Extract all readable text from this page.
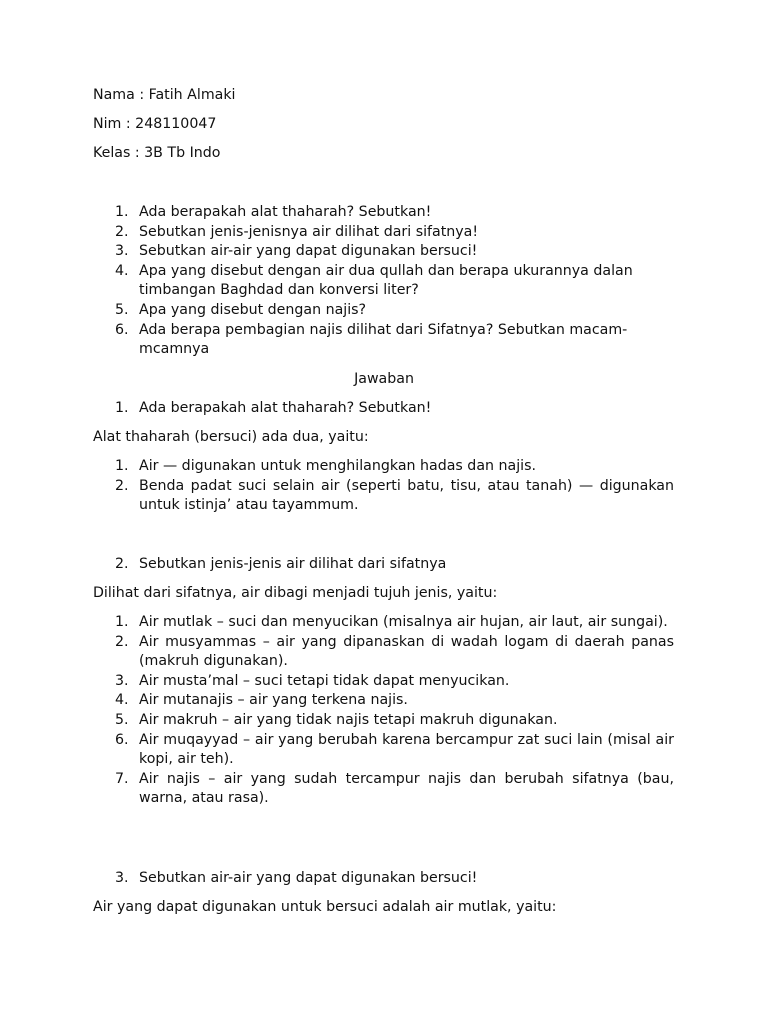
Nama : Fatih Almaki
Nim : 248110047
Kelas : 3B Tb Indo
1. Ada berapakah alat thaharah? Sebutkan!
2. Sebutkan jenis-jenisnya air dilihat dari sifatnya!
3. Sebutkan air-air yang dapat digunakan bersuci!
4. Apa yang disebut dengan air dua qullah dan berapa ukurannya dalan timbangan Baghdad dan konversi liter?
5. Apa yang disebut dengan najis?
6. Ada berapa pembagian najis dilihat dari Sifatnya? Sebutkan macam-mcamnya
Jawaban
1. Ada berapakah alat thaharah? Sebutkan!
Alat thaharah (bersuci) ada dua, yaitu:
1. Air — digunakan untuk menghilangkan hadas dan najis.
2. Benda padat suci selain air (seperti batu, tisu, atau tanah) — digunakan untuk istinja’ atau tayammum.
2. Sebutkan jenis-jenis air dilihat dari sifatnya
Dilihat dari sifatnya, air dibagi menjadi tujuh jenis, yaitu:
1. Air mutlak – suci dan menyucikan (misalnya air hujan, air laut, air sungai).
2. Air musyammas – air yang dipanaskan di wadah logam di daerah panas (makruh digunakan).
3. Air musta’mal – suci tetapi tidak dapat menyucikan.
4. Air mutanajis – air yang terkena najis.
5. Air makruh – air yang tidak najis tetapi makruh digunakan.
6. Air muqayyad – air yang berubah karena bercampur zat suci lain (misal air kopi, air teh).
7. Air najis – air yang sudah tercampur najis dan berubah sifatnya (bau, warna, atau rasa).
3. Sebutkan air-air yang dapat digunakan bersuci!
Air yang dapat digunakan untuk bersuci adalah air mutlak, yaitu:
